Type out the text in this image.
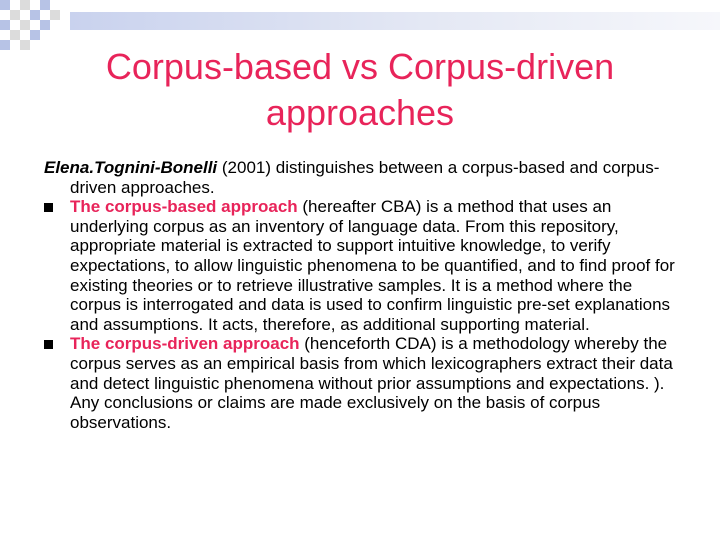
Corpus-based vs Corpus-driven
approaches

Elena.Tognini-Bonelli (2001) distinguishes between a corpus-based and corpus-driven approaches.

The corpus-based approach (hereafter CBA) is a method that uses an underlying corpus as an inventory of language data. From this repository, appropriate material is extracted to support intuitive knowledge, to verify expectations, to allow linguistic phenomena to be quantified, and to find proof for existing theories or to retrieve illustrative samples. It is a method where the corpus is interrogated and data is used to confirm linguistic pre-set explanations and assumptions. It acts, therefore, as additional supporting material.

The corpus-driven approach (henceforth CDA) is a methodology whereby the corpus serves as an empirical basis from which lexicographers extract their data and detect linguistic phenomena without prior assumptions and expectations. ). Any conclusions or claims are made exclusively on the basis of corpus observations.
